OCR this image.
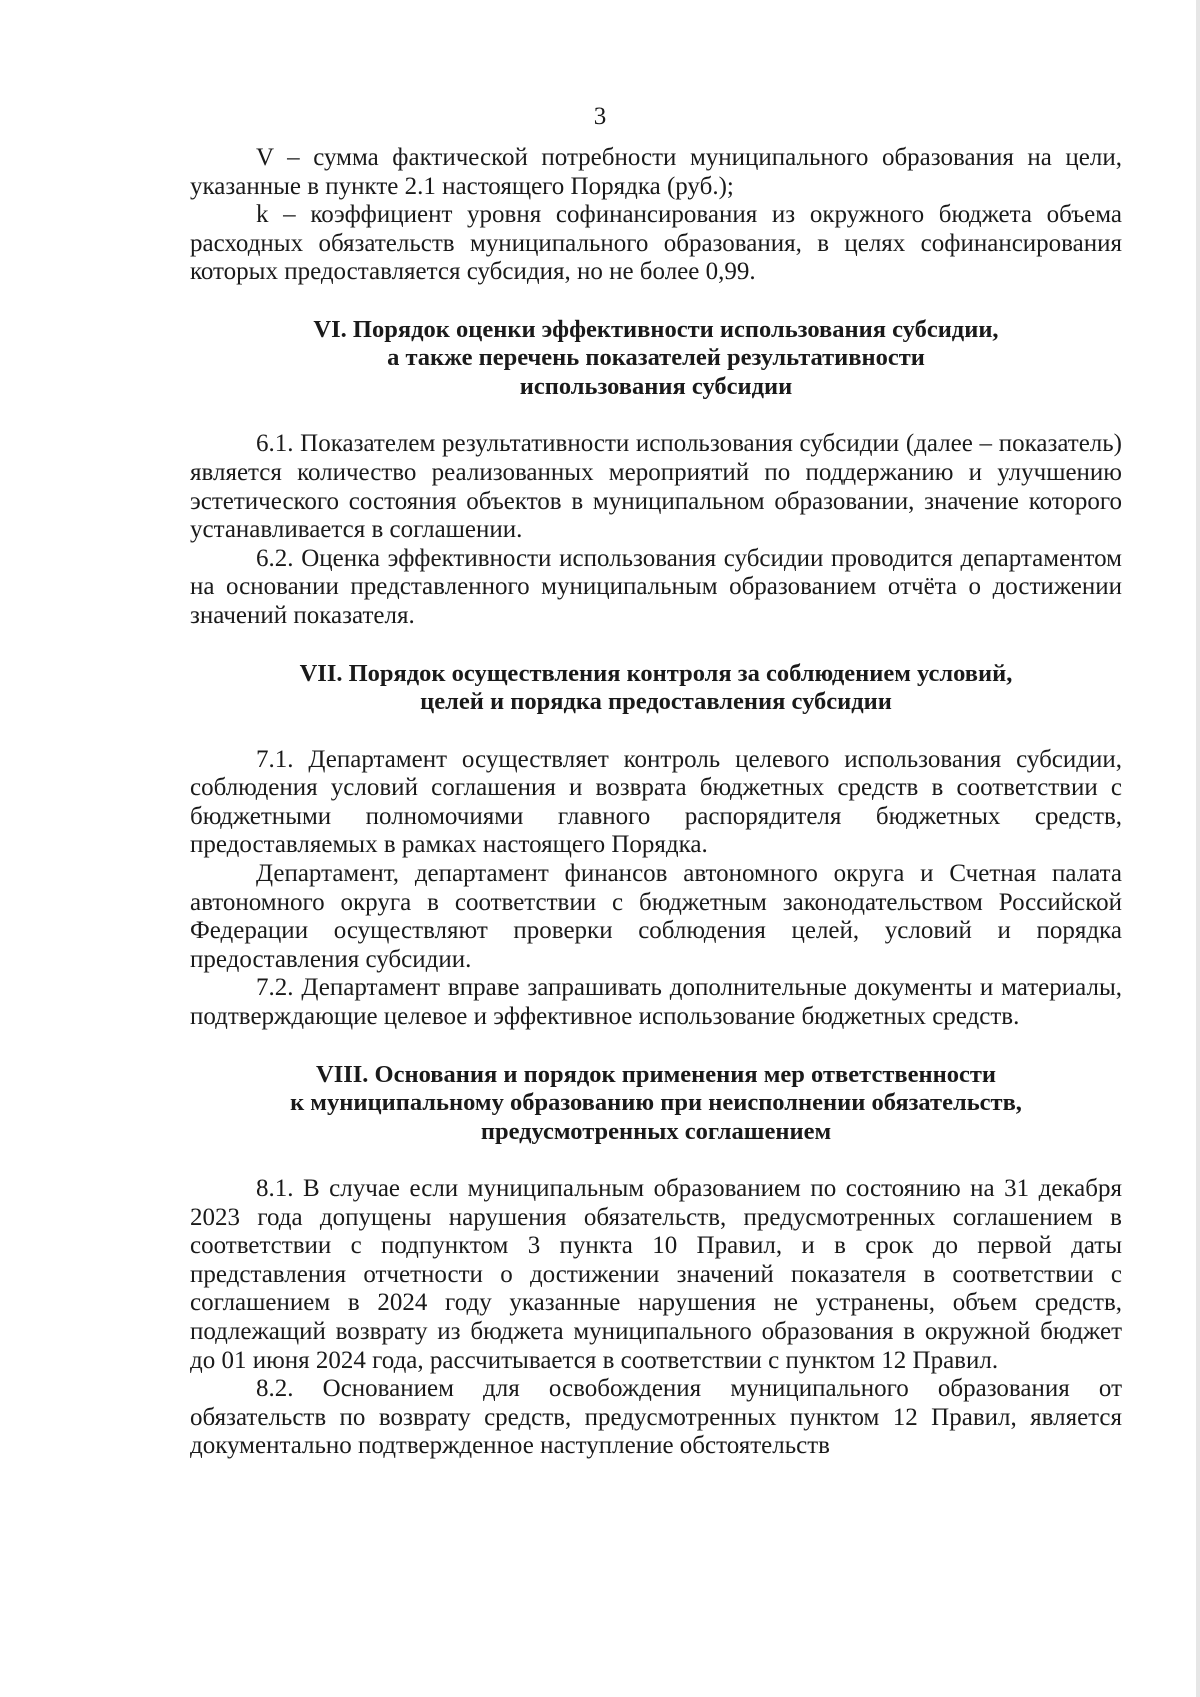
3

V – сумма фактической потребности муниципального образования на цели, указанные в пункте 2.1 настоящего Порядка (руб.);

k – коэффициент уровня софинансирования из окружного бюджета объема расходных обязательств муниципального образования, в целях софинансирования которых предоставляется субсидия, но не более 0,99.

VI. Порядок оценки эффективности использования субсидии,
а также перечень показателей результативности
использования субсидии

6.1. Показателем результативности использования субсидии (далее – показатель) является количество реализованных мероприятий по поддержанию и улучшению эстетического состояния объектов в муниципальном образовании, значение которого устанавливается в соглашении.

6.2. Оценка эффективности использования субсидии проводится департаментом на основании представленного муниципальным образованием отчёта о достижении значений показателя.

VII. Порядок осуществления контроля за соблюдением условий,
целей и порядка предоставления субсидии

7.1. Департамент осуществляет контроль целевого использования субсидии, соблюдения условий соглашения и возврата бюджетных средств в соответствии с бюджетными полномочиями главного распорядителя бюджетных средств, предоставляемых в рамках настоящего Порядка.

Департамент, департамент финансов автономного округа и Счетная палата автономного округа в соответствии с бюджетным законодательством Российской Федерации осуществляют проверки соблюдения целей, условий и порядка предоставления субсидии.

7.2. Департамент вправе запрашивать дополнительные документы и материалы, подтверждающие целевое и эффективное использование бюджетных средств.

VIII. Основания и порядок применения мер ответственности
к муниципальному образованию при неисполнении обязательств,
предусмотренных соглашением

8.1. В случае если муниципальным образованием по состоянию на 31 декабря 2023 года допущены нарушения обязательств, предусмотренных соглашением в соответствии с подпунктом 3 пункта 10 Правил, и в срок до первой даты представления отчетности о достижении значений показателя в соответствии с соглашением в 2024 году указанные нарушения не устранены, объем средств, подлежащий возврату из бюджета муниципального образования в окружной бюджет до 01 июня 2024 года, рассчитывается в соответствии с пунктом 12 Правил.

8.2. Основанием для освобождения муниципального образования от обязательств по возврату средств, предусмотренных пунктом 12 Правил, является документально подтвержденное наступление обстоятельств
